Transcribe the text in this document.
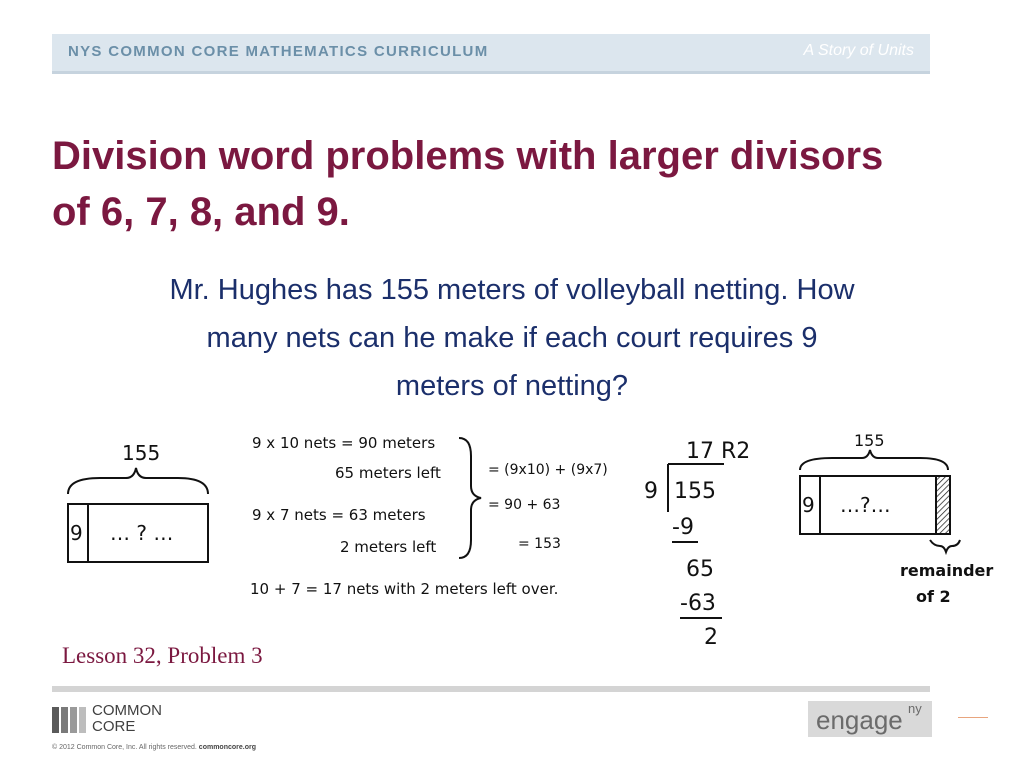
NYS COMMON CORE MATHEMATICS CURRICULUM	A Story of Units
Division word problems with larger divisors
of 6, 7, 8, and 9.
Mr. Hughes has 155 meters of volleyball netting. How
many nets can he make if each court requires 9
meters of netting?
155
9 … ? …
9 x 10 nets = 90 meters
65 meters left
9 x 7 nets = 63 meters
2 meters left
= (9x10) + (9x7)
= 90 + 63
= 153
10 + 7 = 17 nets with 2 meters left over.
17 R2
9 155
-9
65
-63
2
155
9 …?…
remainder
of 2
Lesson 32, Problem 3
COMMON
CORE
© 2012 Common Core, Inc. All rights reserved. commoncore.org
engage ny
